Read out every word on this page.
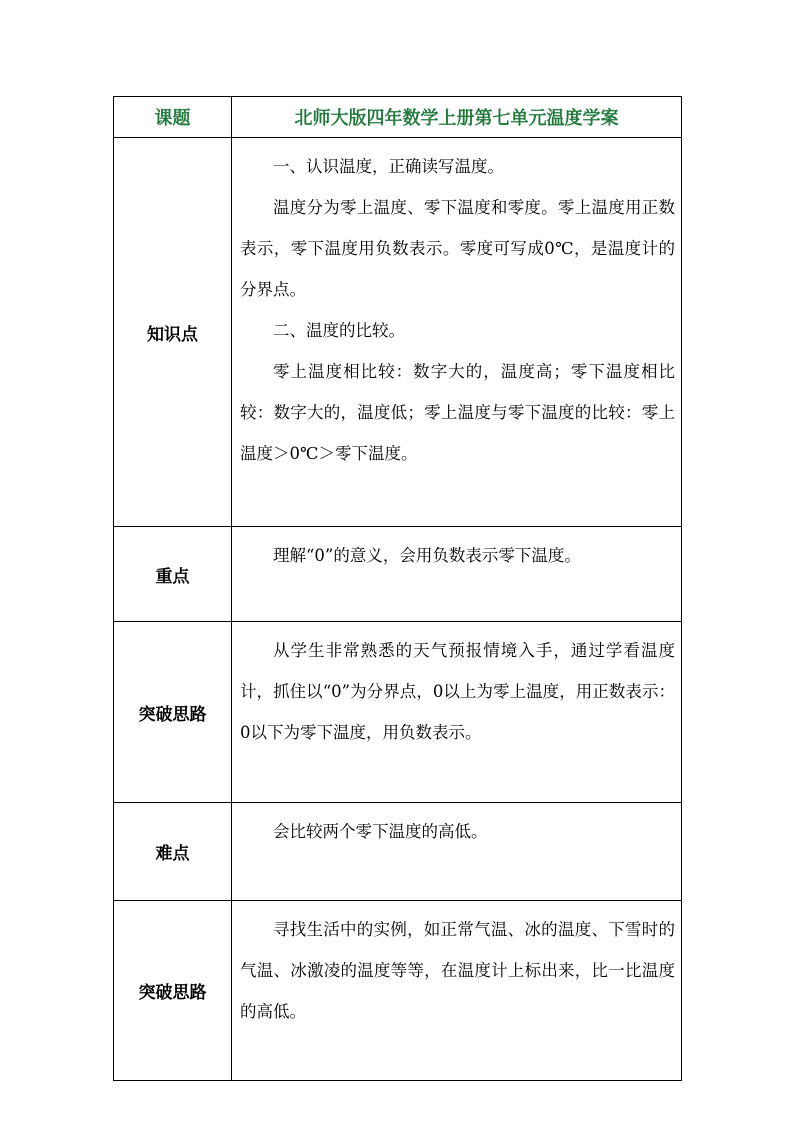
课题	北师大版四年数学上册第七单元温度学案
知识点	一、认识温度，正确读写温度。

温度分为零上温度、零下温度和零度。零上温度用正数表示，零下温度用负数表示。零度可写成0℃，是温度计的分界点。

二、温度的比较。

零上温度相比较：数字大的，温度高；零下温度相比较：数字大的，温度低；零上温度与零下温度的比较：零上温度＞0℃＞零下温度。

重点	理解“0”的意义，会用负数表示零下温度。

突破思路	从学生非常熟悉的天气预报情境入手，通过学看温度计，抓住以“0”为分界点，0以上为零上温度，用正数表示：0以下为零下温度，用负数表示。

难点	会比较两个零下温度的高低。

突破思路	寻找生活中的实例，如正常气温、冰的温度、下雪时的气温、冰激凌的温度等等，在温度计上标出来，比一比温度的高低。
